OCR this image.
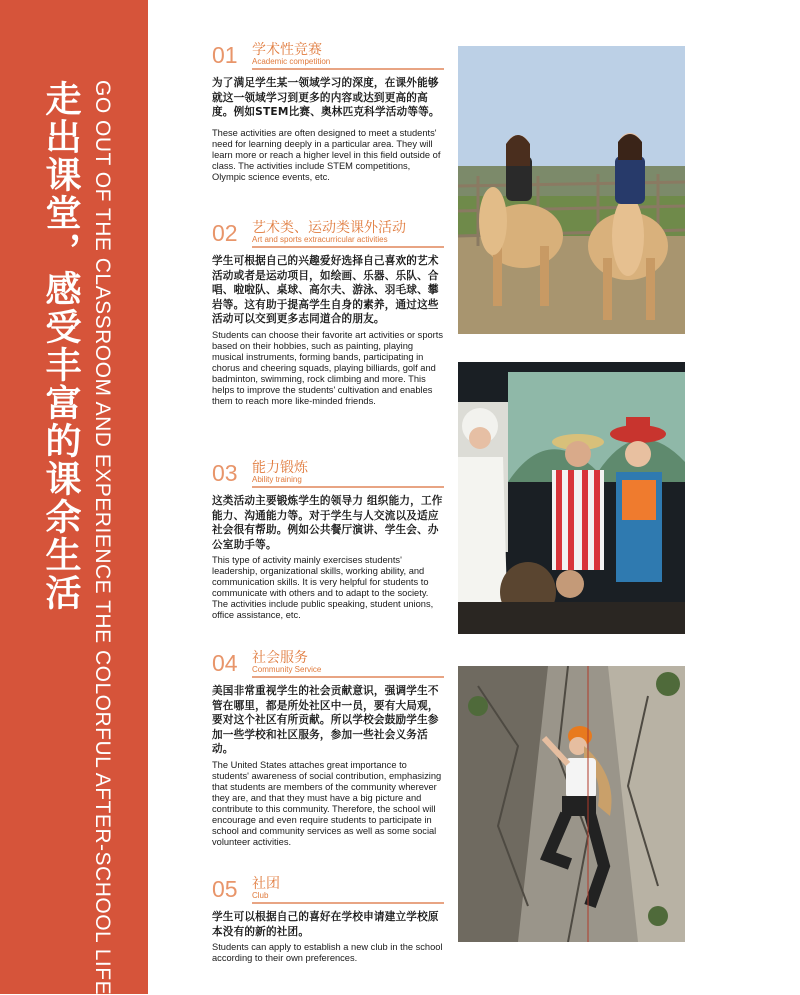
走出课堂，感受丰富的课余生活 GO OUT OF THE CLASSROOM AND EXPERIENCE THE COLORFUL AFTER-SCHOOL LIFE
01 学术性竞赛
Academic competition

为了满足学生某一领域学习的深度，在课外能够就这一领域学习到更多的内容或达到更高的高度。例如STEM比赛、奥林匹克科学活动等等。

These activities are often designed to meet a students' need for learning deeply in a particular area. They will learn more or reach a higher level in this field outside of class. The activities include STEM competitions, Olympic science events, etc.

02 艺术类、运动类课外活动
Art and sports extracurricular activities

学生可根据自己的兴趣爱好选择自己喜欢的艺术活动或者是运动项目，如绘画、乐器、乐队、合唱、啦啦队、桌球、高尔夫、游泳、羽毛球、攀岩等。这有助于提高学生自身的素养，通过这些活动可以交到更多志同道合的朋友。

Students can choose their favorite art activities or sports based on their hobbies, such as painting, playing musical instruments, forming bands, participating in chorus and cheering squads, playing billiards, golf and badminton, swimming, rock climbing and more. This helps to improve the students' cultivation and enables them to reach more like-minded friends.

03 能力锻炼
Ability training

这类活动主要锻炼学生的领导力 组织能力，工作能力、沟通能力等。对于学生与人交流以及适应社会很有帮助。例如公共餐厅演讲、学生会、办公室助手等。

This type of activity mainly exercises students' leadership, organizational skills, working ability, and communication skills. It is very helpful for students to communicate with others and to adapt to the society. The activities include public speaking, student unions, office assistance, etc.

04 社会服务
Community Service

美国非常重视学生的社会贡献意识，强调学生不管在哪里，都是所处社区中一员，要有大局观，要对这个社区有所贡献。所以学校会鼓励学生参加一些学校和社区服务，参加一些社会义务活动。

The United States attaches great importance to students' awareness of social contribution, emphasizing that students are members of the community wherever they are, and that they must have a big picture and contribute to this community. Therefore, the school will encourage and even require students to participate in school and community services as well as some social volunteer activities.

05 社团
Club

学生可以根据自己的喜好在学校申请建立学校原本没有的新的社团。

Students can apply to establish a new club in the school according to their own preferences.
